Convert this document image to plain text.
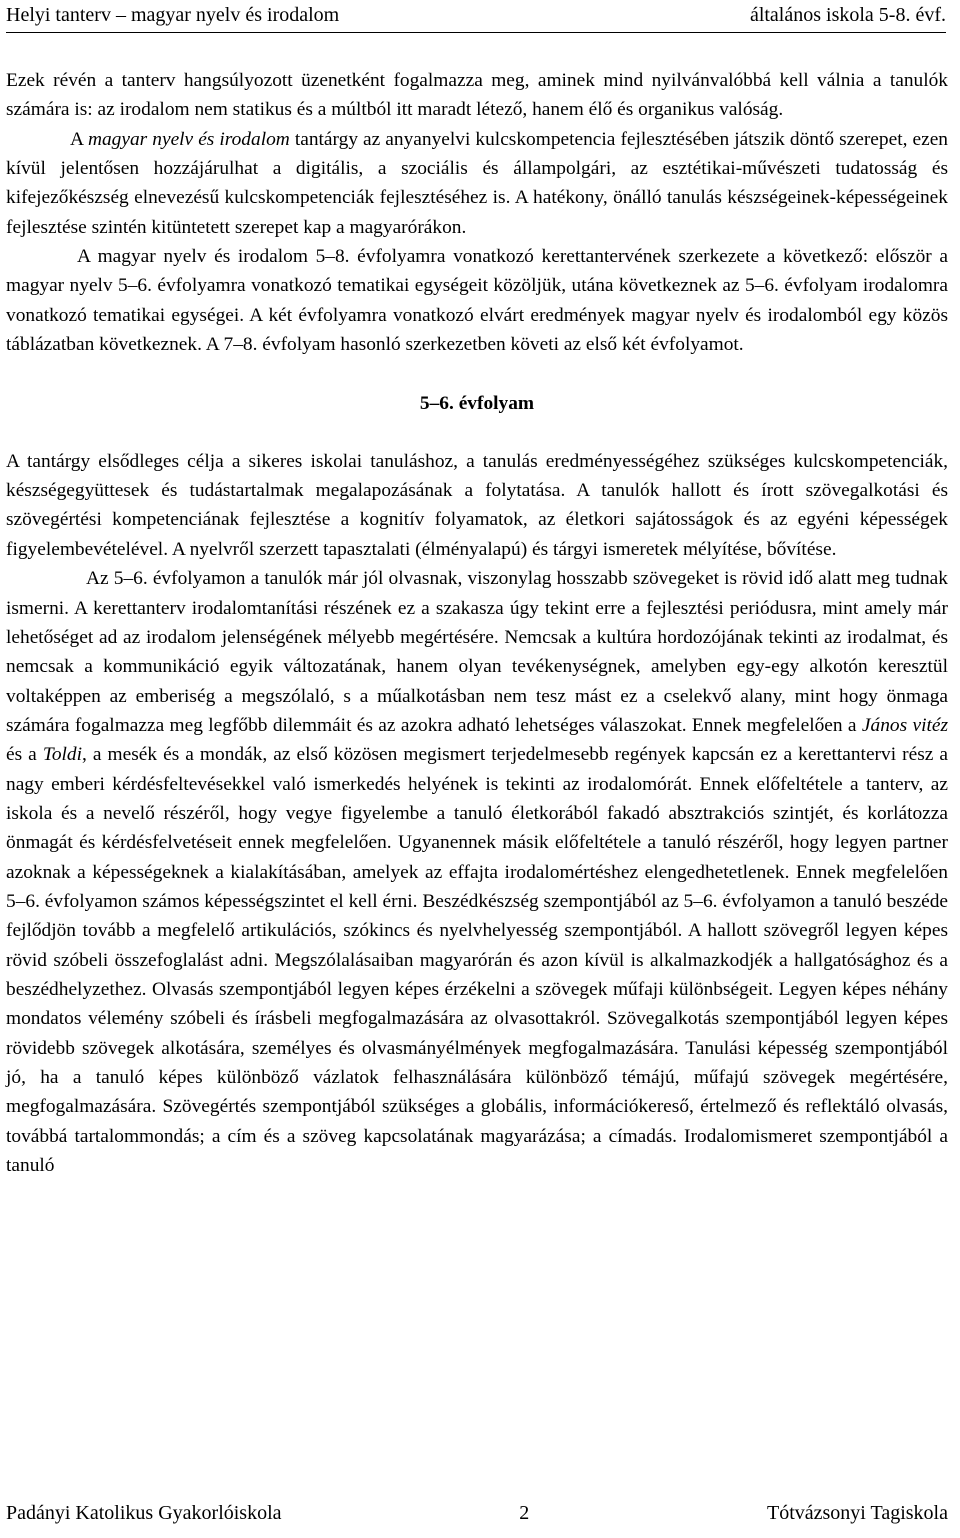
Helyi tanterv – magyar nyelv és irodalom	általános iskola 5-8. évf.

Ezek révén a tanterv hangsúlyozott üzenetként fogalmazza meg, aminek mind nyilvánvalóbbá kell válnia a tanulók számára is: az irodalom nem statikus és a múltból itt maradt létező, hanem élő és organikus valóság.

A magyar nyelv és irodalom tantárgy az anyanyelvi kulcskompetencia fejlesztésében játszik döntő szerepet, ezen kívül jelentősen hozzájárulhat a digitális, a szociális és állampolgári, az esztétikai-művészeti tudatosság és kifejezőkészség elnevezésű kulcskompetenciák fejlesztéséhez is. A hatékony, önálló tanulás készségeinek-képességeinek fejlesztése szintén kitüntetett szerepet kap a magyarórákon.

A magyar nyelv és irodalom 5–8. évfolyamra vonatkozó kerettantervének szerkezete a következő: először a magyar nyelv 5–6. évfolyamra vonatkozó tematikai egységeit közöljük, utána következnek az 5–6. évfolyam irodalomra vonatkozó tematikai egységei. A két évfolyamra vonatkozó elvárt eredmények magyar nyelv és irodalomból egy közös táblázatban következnek. A 7–8. évfolyam hasonló szerkezetben követi az első két évfolyamot.

5–6. évfolyam

A tantárgy elsődleges célja a sikeres iskolai tanuláshoz, a tanulás eredményességéhez szükséges kulcskompetenciák, készségegyüttesek és tudástartalmak megalapozásának a folytatása. A tanulók hallott és írott szövegalkotási és szövegértési kompetenciának fejlesztése a kognitív folyamatok, az életkori sajátosságok és az egyéni képességek figyelembevételével. A nyelvről szerzett tapasztalati (élményalapú) és tárgyi ismeretek mélyítése, bővítése.

Az 5–6. évfolyamon a tanulók már jól olvasnak, viszonylag hosszabb szövegeket is rövid idő alatt meg tudnak ismerni. A kerettanterv irodalomtanítási részének ez a szakasza úgy tekint erre a fejlesztési periódusra, mint amely már lehetőséget ad az irodalom jelenségének mélyebb megértésére. Nemcsak a kultúra hordozójának tekinti az irodalmat, és nemcsak a kommunikáció egyik változatának, hanem olyan tevékenységnek, amelyben egy-egy alkotón keresztül voltaképpen az emberiség a megszólaló, s a műalkotásban nem tesz mást ez a cselekvő alany, mint hogy önmaga számára fogalmazza meg legfőbb dilemmáit és az azokra adható lehetséges válaszokat. Ennek megfelelően a János vitéz és a Toldi, a mesék és a mondák, az első közösen megismert terjedelmesebb regények kapcsán ez a kerettantervi rész a nagy emberi kérdésfeltevésekkel való ismerkedés helyének is tekinti az irodalomórát. Ennek előfeltétele a tanterv, az iskola és a nevelő részéről, hogy vegye figyelembe a tanuló életkorából fakadó absztrakciós szintjét, és korlátozza önmagát és kérdésfelvetéseit ennek megfelelően. Ugyanennek másik előfeltétele a tanuló részéről, hogy legyen partner azoknak a képességeknek a kialakításában, amelyek az effajta irodalomértéshez elengedhetetlenek. Ennek megfelelően 5–6. évfolyamon számos képességszintet el kell érni. Beszédkészség szempontjából az 5–6. évfolyamon a tanuló beszéde fejlődjön tovább a megfelelő artikulációs, szókincs és nyelvhelyesség szempontjából. A hallott szövegről legyen képes rövid szóbeli összefoglalást adni. Megszólalásaiban magyarórán és azon kívül is alkalmazkodjék a hallgatósághoz és a beszédhelyzethez. Olvasás szempontjából legyen képes érzékelni a szövegek műfaji különbségeit. Legyen képes néhány mondatos vélemény szóbeli és írásbeli megfogalmazására az olvasottakról. Szövegalkotás szempontjából legyen képes rövidebb szövegek alkotására, személyes és olvasmányélmények megfogalmazására. Tanulási képesség szempontjából jó, ha a tanuló képes különböző vázlatok felhasználására különböző témájú, műfajú szövegek megértésére, megfogalmazására. Szövegértés szempontjából szükséges a globális, információkereső, értelmező és reflektáló olvasás, továbbá tartalommondás; a cím és a szöveg kapcsolatának magyarázása; a címadás. Irodalomismeret szempontjából a tanuló

Padányi Katolikus Gyakorlóiskola	2	Tótvázsonyi Tagiskola
